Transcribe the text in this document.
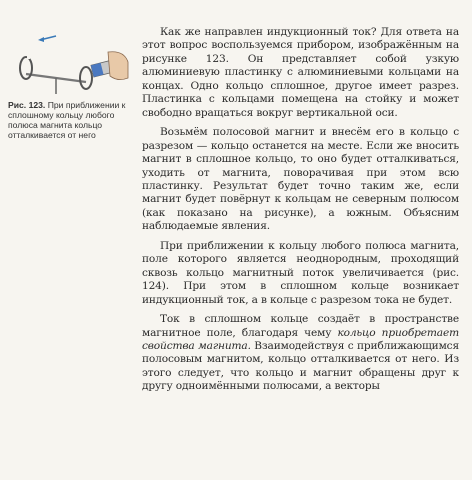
Рис. 123. При приближении к сплошному кольцу любого полюса магнита кольцо отталкивается от него

Как же направлен индукционный ток? Для ответа на этот вопрос воспользуемся прибором, изображённым на рисунке 123. Он представляет собой узкую алюминиевую пластинку с алюминиевыми кольцами на концах. Одно кольцо сплошное, другое имеет разрез. Пластинка с кольцами помещена на стойку и может свободно вращаться вокруг вертикальной оси.

Возьмём полосовой магнит и внесём его в кольцо с разрезом — кольцо останется на месте. Если же вносить магнит в сплошное кольцо, то оно будет отталкиваться, уходить от магнита, поворачивая при этом всю пластинку. Результат будет точно таким же, если магнит будет повёрнут к кольцам не северным полюсом (как показано на рисунке), а южным. Объясним наблюдаемые явления.

При приближении к кольцу любого полюса магнита, поле которого является неоднородным, проходящий сквозь кольцо магнитный поток увеличивается (рис. 124). При этом в сплошном кольце возникает индукционный ток, а в кольце с разрезом тока не будет.

Ток в сплошном кольце создаёт в пространстве магнитное поле, благодаря чему кольцо приобретает свойства магнита. Взаимодействуя с приближающимся полосовым магнитом, кольцо отталкивается от него. Из этого следует, что кольцо и магнит обращены друг к другу одноимёнными полюсами, а векторы
